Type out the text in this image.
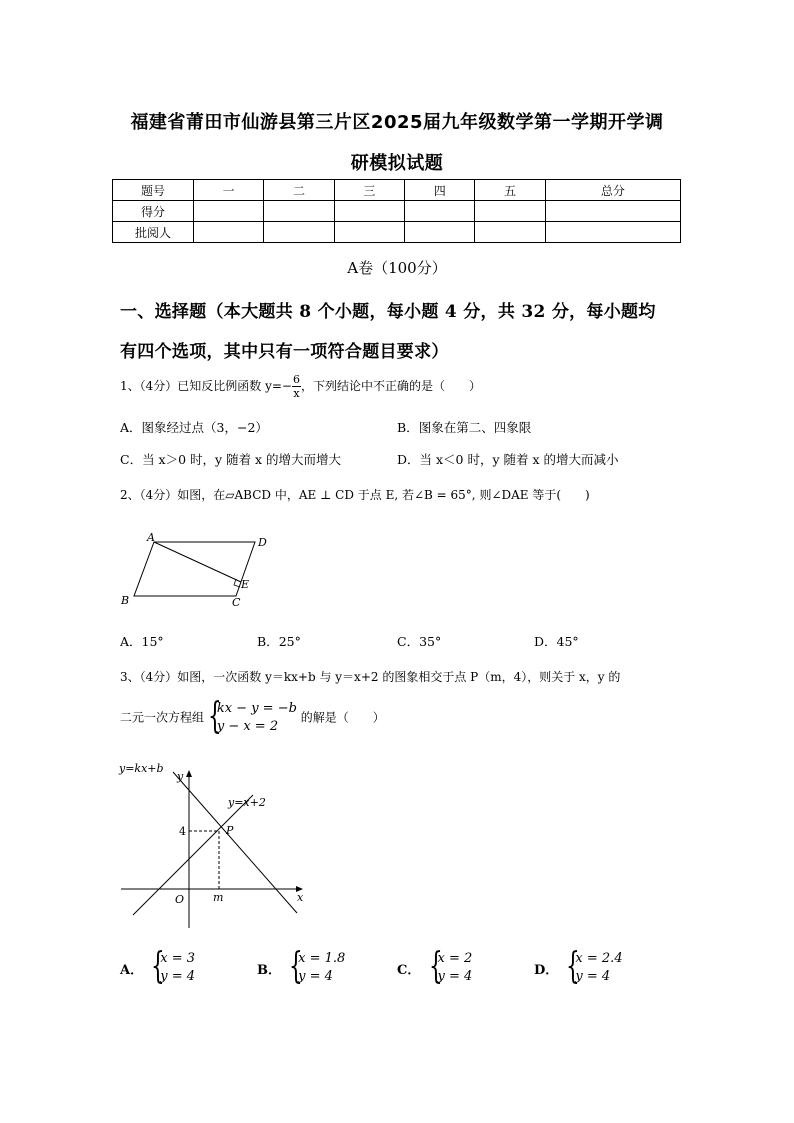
福建省莆田市仙游县第三片区2025届九年级数学第一学期开学调
研模拟试题
题号	一	二	三	四	五	总分
得分						
批阅人						
A卷（100分）
一、选择题（本大题共 8 个小题，每小题 4 分，共 32 分，每小题均
有四个选项，其中只有一项符合题目要求）
1、（4分）已知反比例函数 $y=- \frac{6}{x}$ ，下列结论中不正确的是（　　）
A．图象经过点（3，−2）	B．图象在第二、四象限
C．当 x＞0 时，y 随着 x 的增大而增大	D．当 x＜0 时，y 随着 x 的增大而减小
2、（4分）如图，在▱ABCD 中，AE ⊥ CD 于点 E, 若∠B = 65°, 则∠DAE 等于(　　)
A	D
E
B	C
A．15°	B．25°	C．35°	D．45°
3、（4分）如图，一次函数 y＝kx+b 与 y＝x+2 的图象相交于点 P（m，4），则关于 x，y 的
二元一次方程组 {
kx − y = −b
y − x = 2
的解是（　　）
y=kx+b
y=x+2
y
x
O
P
4
m
A． {
x = 3
y = 4	B． {
x = 1.8
y = 4	C． {
x = 2
y = 4	D． {
x = 2.4
y = 4
